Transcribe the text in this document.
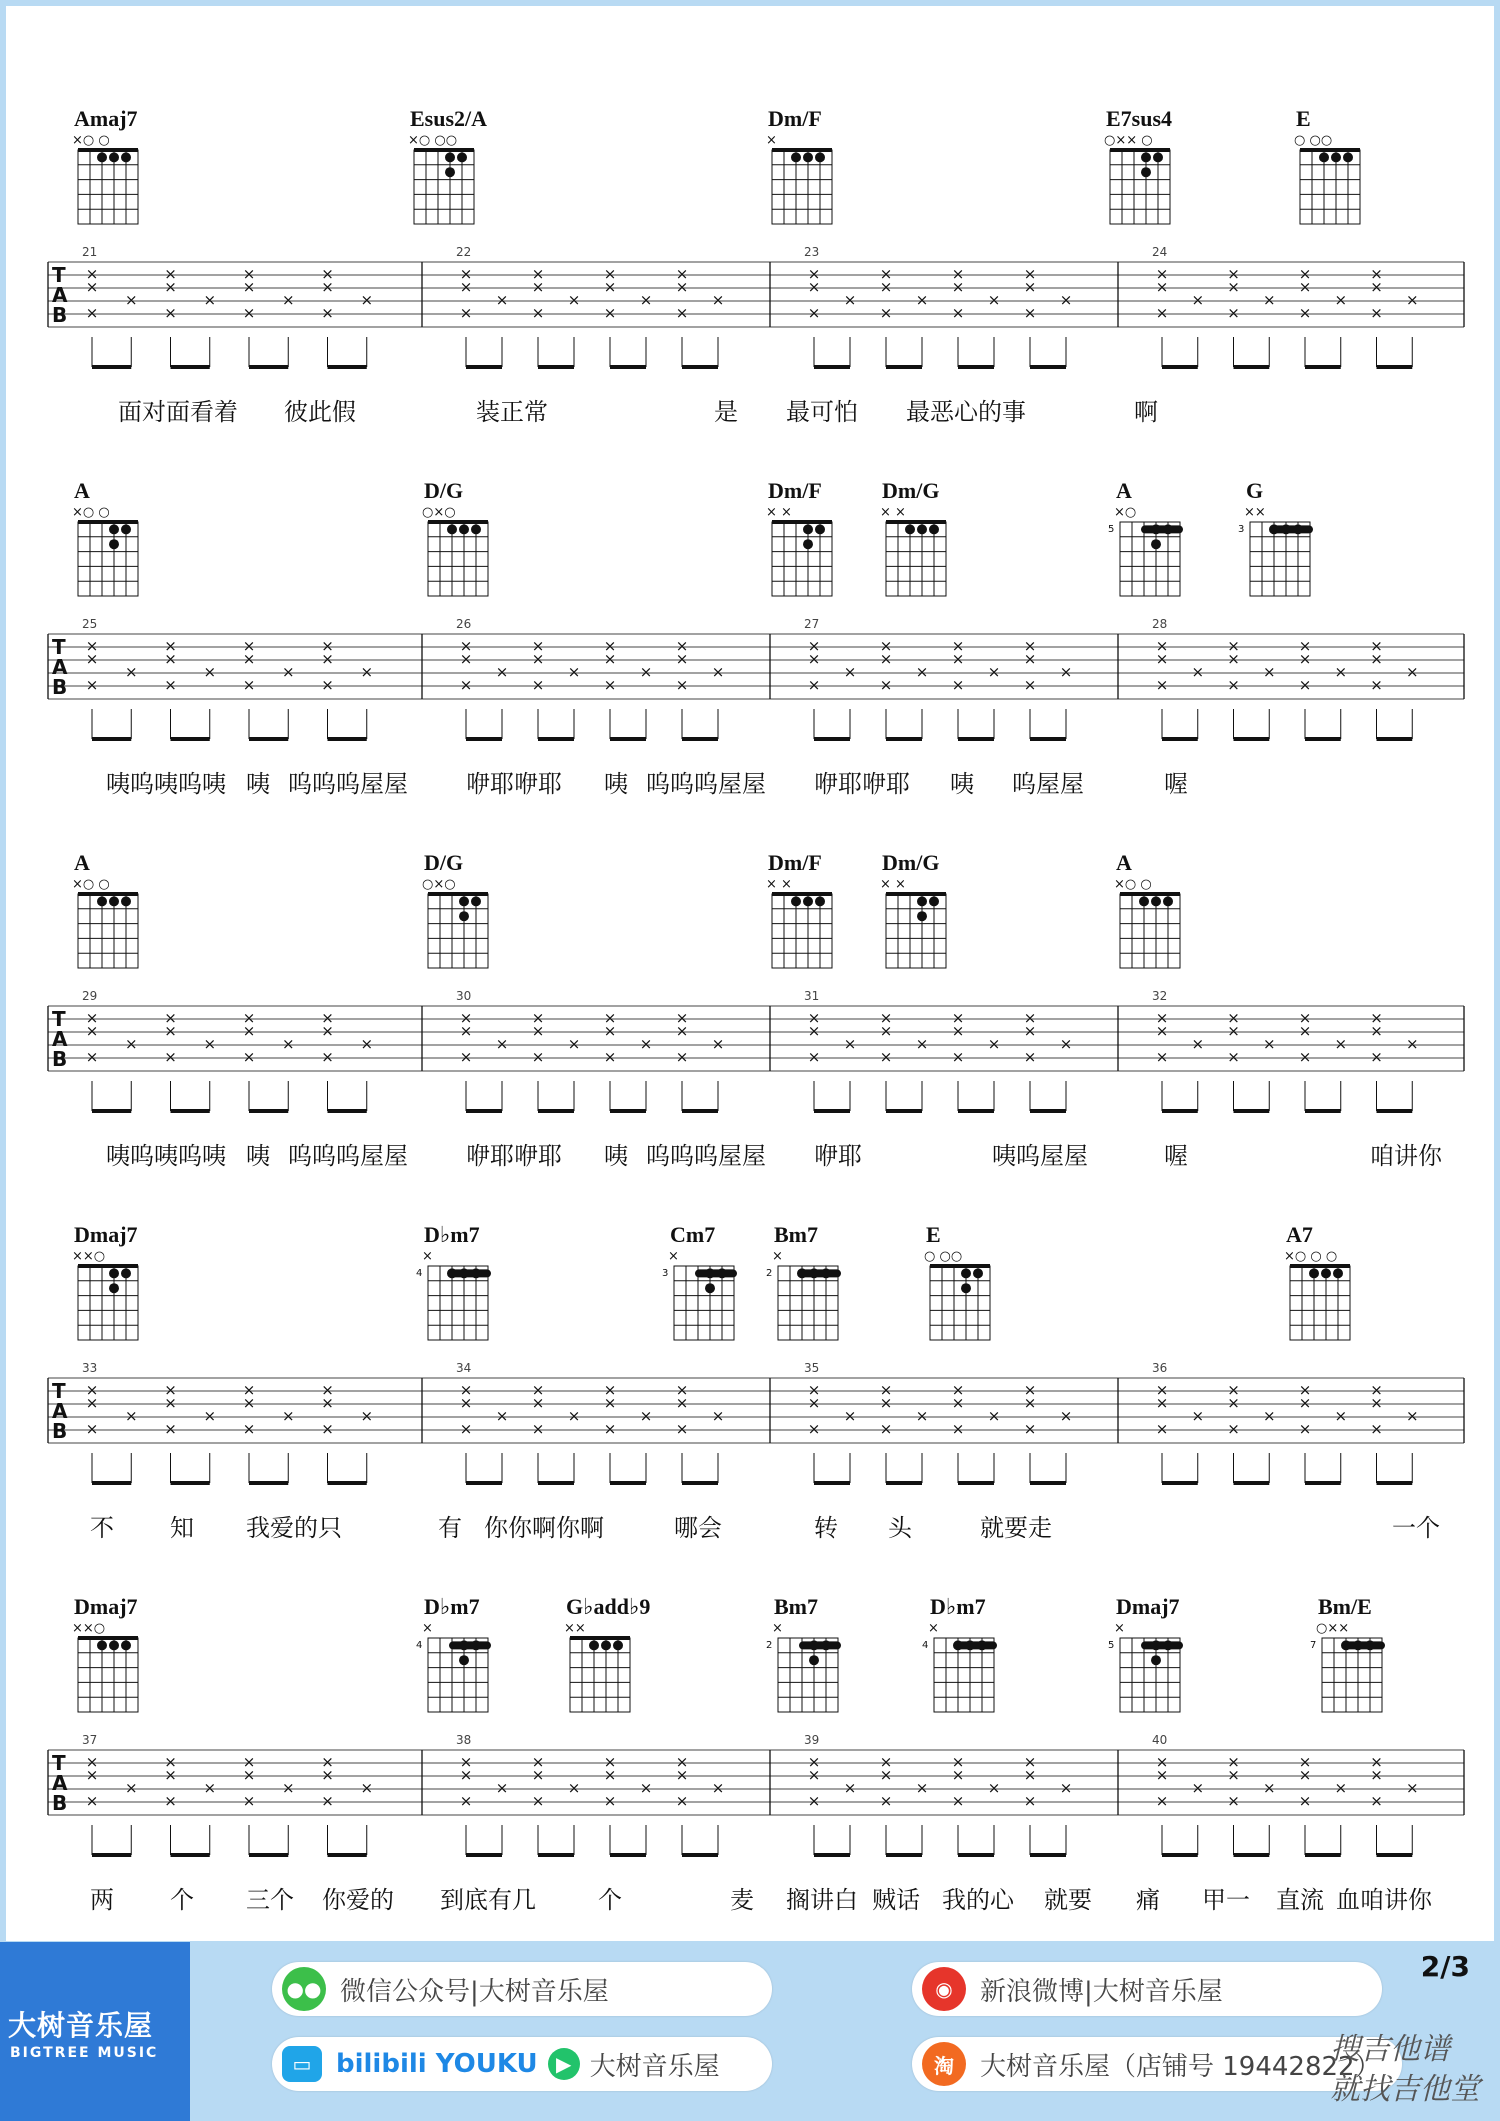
Amaj7
×○ ○
Esus2/A
×○ ○○
Dm/F
×
E7sus4
○×× ○
E
○ ○○
T
A
B
21
×
×
×
×
×
×
×
×
×
×
×
×
×
×
×
×
22
×
×
×
×
×
×
×
×
×
×
×
×
×
×
×
×
23
×
×
×
×
×
×
×
×
×
×
×
×
×
×
×
×
24
×
×
×
×
×
×
×
×
×
×
×
×
×
×
×
×
面对面看着 彼此假	装正常	是 最可怕 最恶心的事	啊
A
×○ ○
D/G
○×○
Dm/F
× ×
Dm/G
× ×
A
×○
5
G
××
3
T
A
B
25
×
×
×
×
×
×
×
×
×
×
×
×
×
×
×
×
26
×
×
×
×
×
×
×
×
×
×
×
×
×
×
×
×
27
×
×
×
×
×
×
×
×
×
×
×
×
×
×
×
×
28
×
×
×
×
×
×
×
×
×
×
×
×
×
×
×
×
咦呜咦呜咦 咦 呜呜呜屋屋 咿耶咿耶 咦 呜呜呜屋屋 咿耶咿耶 咦 呜屋屋	喔
A
×○ ○
D/G
○×○
Dm/F
× ×
Dm/G
× ×
A
×○ ○
T
A
B
29
×
×
×
×
×
×
×
×
×
×
×
×
×
×
×
×
30
×
×
×
×
×
×
×
×
×
×
×
×
×
×
×
×
31
×
×
×
×
×
×
×
×
×
×
×
×
×
×
×
×
32
×
×
×
×
×
×
×
×
×
×
×
×
×
×
×
×
咦呜咦呜咦 咦 呜呜呜屋屋 咿耶咿耶 咦 呜呜呜屋屋 咿耶	咦呜屋屋	喔	咱讲你
Dmaj7
××○
D♭m7
×
4
Cm7
×
3
Bm7
×
2
E
○ ○○
A7
×○ ○ ○
T
A
B
33
×
×
×
×
×
×
×
×
×
×
×
×
×
×
×
×
34
×
×
×
×
×
×
×
×
×
×
×
×
×
×
×
×
35
×
×
×
×
×
×
×
×
×
×
×
×
×
×
×
×
36
×
×
×
×
×
×
×
×
×
×
×
×
×
×
×
×
不 知 我爱的只	有 你你啊你啊	哪会	转 头	就要走	一个
Dmaj7
××○
D♭m7
×
4
G♭add♭9
××
Bm7
×
2
D♭m7
×
4
Dmaj7
×
5
Bm/E
○××
7
T
A
B
37
×
×
×
×
×
×
×
×
×
×
×
×
×
×
×
×
38
×
×
×
×
×
×
×
×
×
×
×
×
×
×
×
×
39
×
×
×
×
×
×
×
×
×
×
×
×
×
×
×
×
40
×
×
×
×
×
×
×
×
×
×
×
×
×
×
×
×
两 个 三个 你爱的 到底有几	个	麦 搁讲白 贼话 我的心 就要 痛 甲一 直流 血咱讲你
大树音乐屋
BIGTREE MUSIC
●● 微信公众号|大树音乐屋	◉	新浪微博|大树音乐屋
▭ bilibili YOUKU ▶ 大树音乐屋	淘	大树音乐屋（店铺号 19442822）
2/3
搜吉他谱
就找吉他堂
